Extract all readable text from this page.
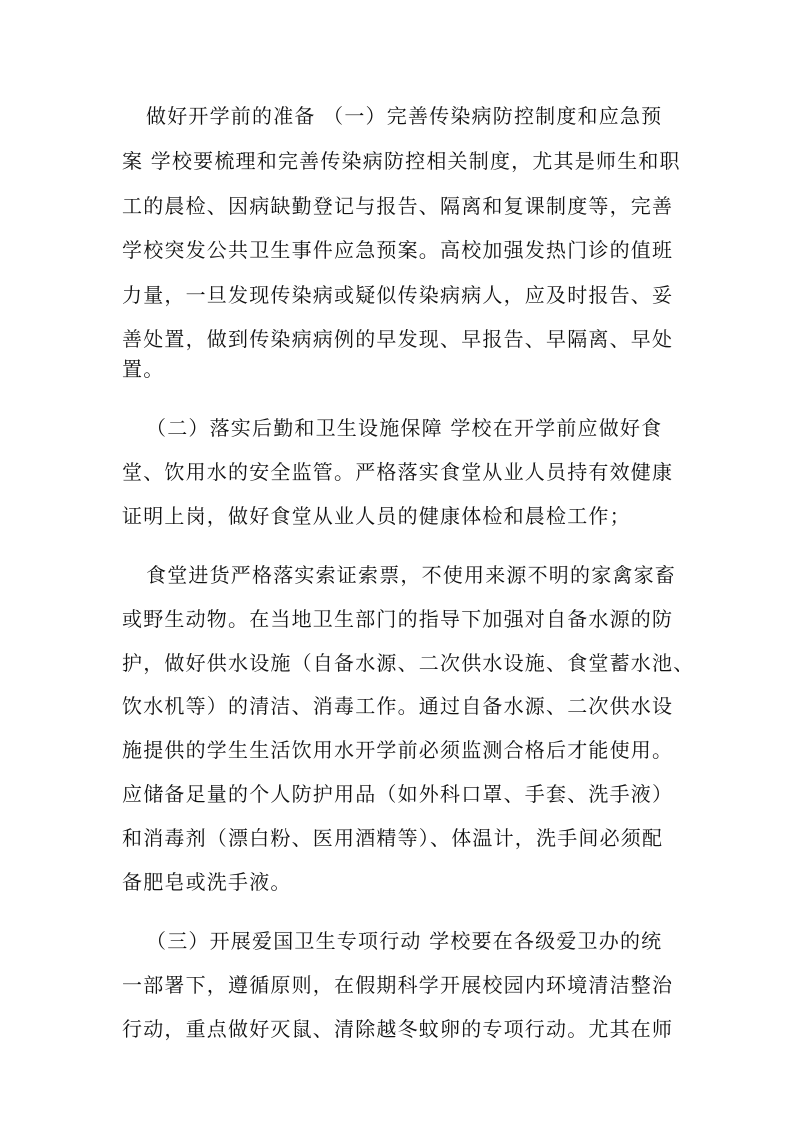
做好开学前的准备 （一）完善传染病防控制度和应急预
案 学校要梳理和完善传染病防控相关制度，尤其是师生和职
工的晨检、因病缺勤登记与报告、隔离和复课制度等，完善
学校突发公共卫生事件应急预案。高校加强发热门诊的值班
力量，一旦发现传染病或疑似传染病病人，应及时报告、妥
善处置，做到传染病病例的早发现、早报告、早隔离、早处
置。
（二）落实后勤和卫生设施保障 学校在开学前应做好食
堂、饮用水的安全监管。严格落实食堂从业人员持有效健康
证明上岗，做好食堂从业人员的健康体检和晨检工作；
食堂进货严格落实索证索票，不使用来源不明的家禽家畜
或野生动物。在当地卫生部门的指导下加强对自备水源的防
护，做好供水设施（自备水源、二次供水设施、食堂蓄水池、
饮水机等）的清洁、消毒工作。通过自备水源、二次供水设
施提供的学生生活饮用水开学前必须监测合格后才能使用。
应储备足量的个人防护用品（如外科口罩、手套、洗手液）
和消毒剂（漂白粉、医用酒精等）、体温计，洗手间必须配
备肥皂或洗手液。
（三）开展爱国卫生专项行动 学校要在各级爱卫办的统
一部署下，遵循原则，在假期科学开展校园内环境清洁整治
行动，重点做好灭鼠、清除越冬蚊卵的专项行动。尤其在师
